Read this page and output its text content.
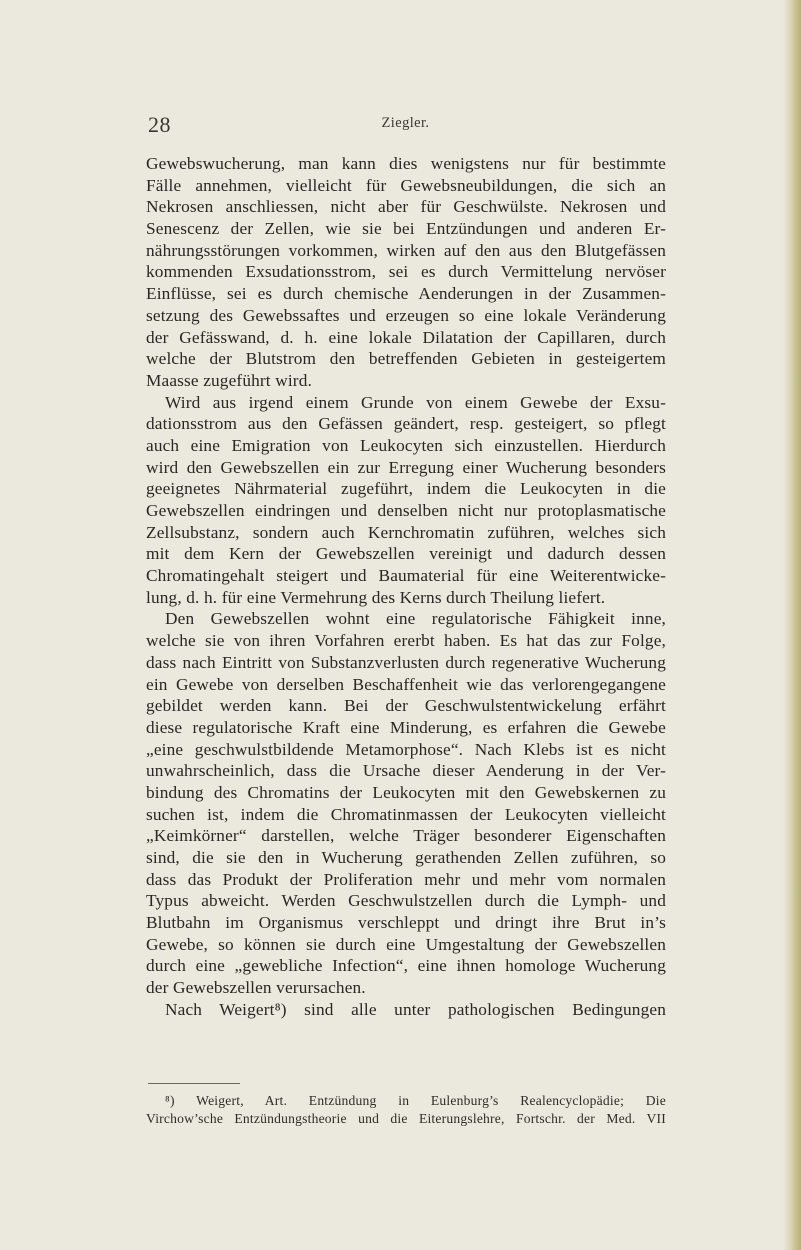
28	Ziegler.
Gewebswucherung, man kann dies wenigstens nur für bestimmte
Fälle annehmen, vielleicht für Gewebsneubildungen, die sich an
Nekrosen anschliessen, nicht aber für Geschwülste. Nekrosen und
Senescenz der Zellen, wie sie bei Entzündungen und anderen Er-
nährungsstörungen vorkommen, wirken auf den aus den Blutgefässen
kommenden Exsudationsstrom, sei es durch Vermittelung nervöser
Einflüsse, sei es durch chemische Aenderungen in der Zusammen-
setzung des Gewebssaftes und erzeugen so eine lokale Veränderung
der Gefässwand, d. h. eine lokale Dilatation der Capillaren, durch
welche der Blutstrom den betreffenden Gebieten in gesteigertem
Maasse zugeführt wird.
Wird aus irgend einem Grunde von einem Gewebe der Exsu-
dationsstrom aus den Gefässen geändert, resp. gesteigert, so pflegt
auch eine Emigration von Leukocyten sich einzustellen. Hierdurch
wird den Gewebszellen ein zur Erregung einer Wucherung besonders
geeignetes Nährmaterial zugeführt, indem die Leukocyten in die
Gewebszellen eindringen und denselben nicht nur protoplasmatische
Zellsubstanz, sondern auch Kernchromatin zuführen, welches sich
mit dem Kern der Gewebszellen vereinigt und dadurch dessen
Chromatingehalt steigert und Baumaterial für eine Weiterentwicke-
lung, d. h. für eine Vermehrung des Kerns durch Theilung liefert.
Den Gewebszellen wohnt eine regulatorische Fähigkeit inne,
welche sie von ihren Vorfahren ererbt haben. Es hat das zur Folge,
dass nach Eintritt von Substanzverlusten durch regenerative Wucherung
ein Gewebe von derselben Beschaffenheit wie das verlorengegangene
gebildet werden kann. Bei der Geschwulstentwickelung erfährt
diese regulatorische Kraft eine Minderung, es erfahren die Gewebe
„eine geschwulstbildende Metamorphose“. Nach Klebs ist es nicht
unwahrscheinlich, dass die Ursache dieser Aenderung in der Ver-
bindung des Chromatins der Leukocyten mit den Gewebskernen zu
suchen ist, indem die Chromatinmassen der Leukocyten vielleicht
„Keimkörner“ darstellen, welche Träger besonderer Eigenschaften
sind, die sie den in Wucherung gerathenden Zellen zuführen, so
dass das Produkt der Proliferation mehr und mehr vom normalen
Typus abweicht. Werden Geschwulstzellen durch die Lymph- und
Blutbahn im Organismus verschleppt und dringt ihre Brut in’s
Gewebe, so können sie durch eine Umgestaltung der Gewebszellen
durch eine „gewebliche Infection“, eine ihnen homologe Wucherung
der Gewebszellen verursachen.
Nach Weigert⁸) sind alle unter pathologischen Bedingungen
⁸) Weigert, Art. Entzündung in Eulenburg’s Realencyclopädie; Die
Virchow’sche Entzündungstheorie und die Eiterungslehre, Fortschr. der Med. VII
